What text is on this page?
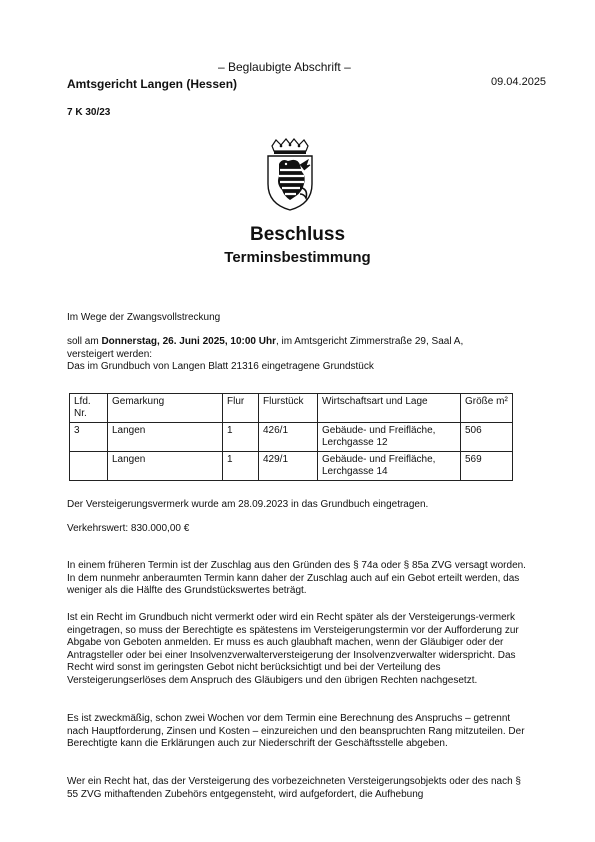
– Beglaubigte Abschrift –
Amtsgericht Langen (Hessen)	09.04.2025
7 K 30/23
Beschluss
Terminsbestimmung
Im Wege der Zwangsvollstreckung

soll am Donnerstag, 26. Juni 2025, 10:00 Uhr, im Amtsgericht Zimmerstraße 29, Saal A,

versteigert werden:

Das im Grundbuch von Langen Blatt 21316 eingetragene Grundstück

Lfd. Nr.	Gemarkung	Flur	Flurstück	Wirtschaftsart und Lage	Größe m²
3	Langen	1	426/1	Gebäude- und Freifläche, Lerchgasse 12	506
	Langen	1	429/1	Gebäude- und Freifläche, Lerchgasse 14	569
Der Versteigerungsvermerk wurde am 28.09.2023 in das Grundbuch eingetragen.
Verkehrswert: 830.000,00 €
In einem früheren Termin ist der Zuschlag aus den Gründen des § 74a oder § 85a ZVG versagt worden. In dem nunmehr anberaumten Termin kann daher der Zuschlag auch auf ein Gebot erteilt werden, das weniger als die Hälfte des Grundstückswertes beträgt.
Ist ein Recht im Grundbuch nicht vermerkt oder wird ein Recht später als der Versteigerungs-vermerk eingetragen, so muss der Berechtigte es spätestens im Versteigerungstermin vor der Aufforderung zur Abgabe von Geboten anmelden. Er muss es auch glaubhaft machen, wenn der Gläubiger oder der Antragsteller oder bei einer Insolvenzverwalterversteigerung der Insolvenzverwalter widerspricht. Das Recht wird sonst im geringsten Gebot nicht berücksichtigt und bei der Verteilung des Versteigerungserlöses dem Anspruch des Gläubigers und den übrigen Rechten nachgesetzt.
Es ist zweckmäßig, schon zwei Wochen vor dem Termin eine Berechnung des Anspruchs – getrennt nach Hauptforderung, Zinsen und Kosten – einzureichen und den beanspruchten Rang mitzuteilen. Der Berechtigte kann die Erklärungen auch zur Niederschrift der Geschäftsstelle abgeben.
Wer ein Recht hat, das der Versteigerung des vorbezeichneten Versteigerungsobjekts oder des nach § 55 ZVG mithaftenden Zubehörs entgegensteht, wird aufgefordert, die Aufhebung
